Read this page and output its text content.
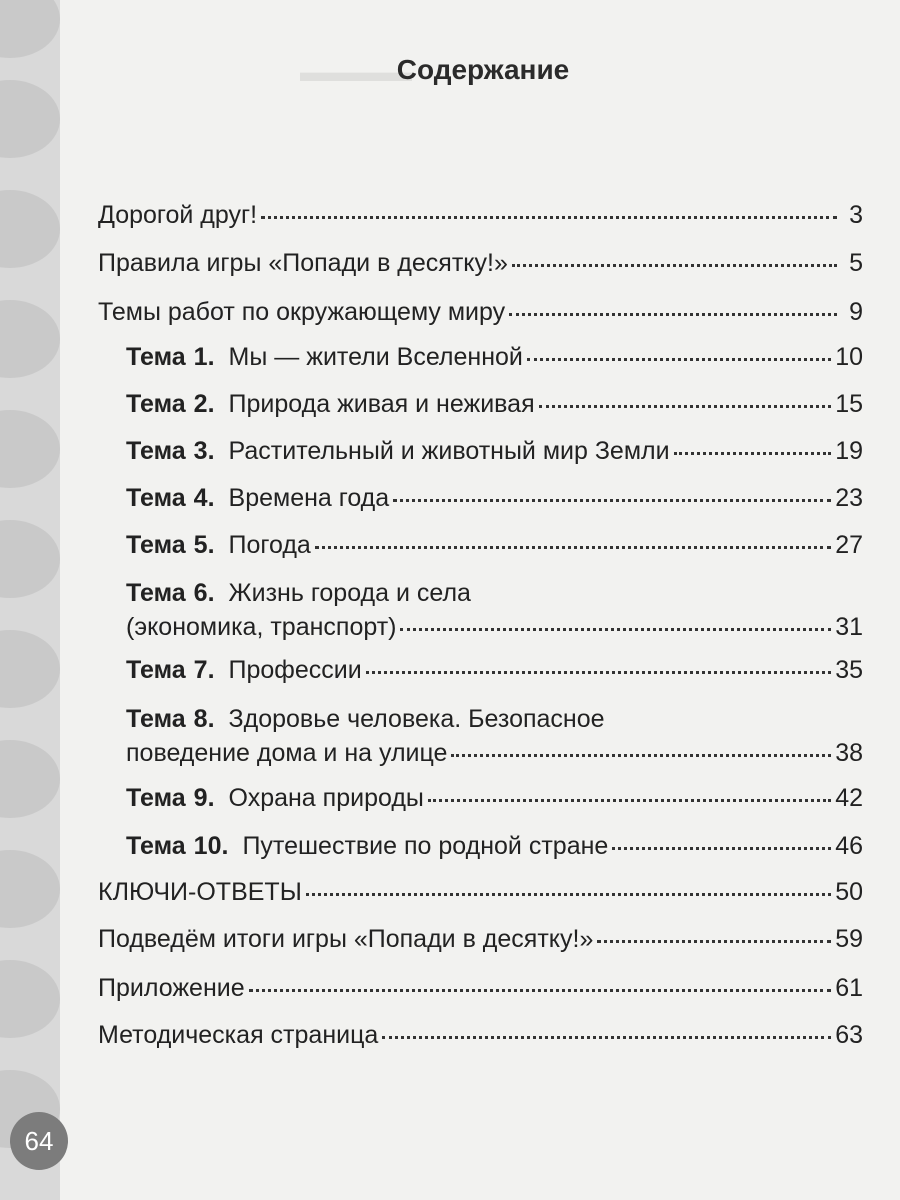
64
▬▬▬▬
Содержание
Дорогой друг!	3
Правила игры «Попади в десятку!»	5
Темы работ по окружающему миру	9
Тема 1. Мы — жители Вселенной	10
Тема 2. Природа живая и неживая	15
Тема 3. Растительный и животный мир Земли	19
Тема 4. Времена года	23
Тема 5. Погода	27
Тема 6. Жизнь города и села
(экономика, транспорт)	31
Тема 7. Профессии	35
Тема 8. Здоровье человека. Безопасное
поведение дома и на улице	38
Тема 9. Охрана природы	42
Тема 10. Путешествие по родной стране	46
КЛЮЧИ-ОТВЕТЫ	50
Подведём итоги игры «Попади в десятку!»	59
Приложение	61
Методическая страница	63
